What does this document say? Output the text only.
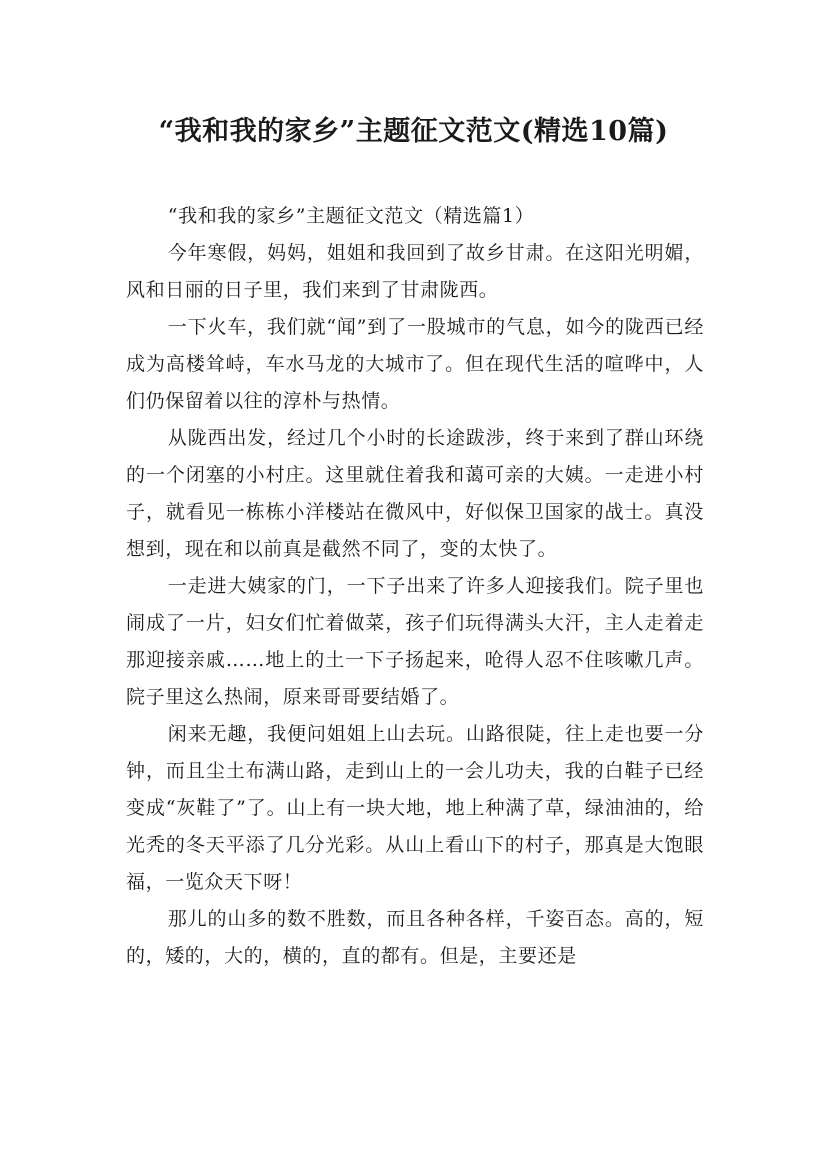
“我和我的家乡”主题征文范文(精选10篇)

“我和我的家乡”主题征文范文（精选篇1）

今年寒假，妈妈，姐姐和我回到了故乡甘肃。在这阳光明媚，风和日丽的日子里，我们来到了甘肃陇西。

一下火车，我们就“闻”到了一股城市的气息，如今的陇西已经成为高楼耸峙，车水马龙的大城市了。但在现代生活的喧哗中，人们仍保留着以往的淳朴与热情。

从陇西出发，经过几个小时的长途跋涉，终于来到了群山环绕的一个闭塞的小村庄。这里就住着我和蔼可亲的大姨。一走进小村子，就看见一栋栋小洋楼站在微风中，好似保卫国家的战士。真没想到，现在和以前真是截然不同了，变的太快了。

一走进大姨家的门，一下子出来了许多人迎接我们。院子里也闹成了一片，妇女们忙着做菜，孩子们玩得满头大汗，主人走着走那迎接亲戚……地上的土一下子扬起来，呛得人忍不住咳嗽几声。院子里这么热闹，原来哥哥要结婚了。

闲来无趣，我便问姐姐上山去玩。山路很陡，往上走也要一分钟，而且尘土布满山路，走到山上的一会儿功夫，我的白鞋子已经变成“灰鞋了”了。山上有一块大地，地上种满了草，绿油油的，给光秃的冬天平添了几分光彩。从山上看山下的村子，那真是大饱眼福，一览众天下呀！

那儿的山多的数不胜数，而且各种各样，千姿百态。高的，短的，矮的，大的，横的，直的都有。但是，主要还是
